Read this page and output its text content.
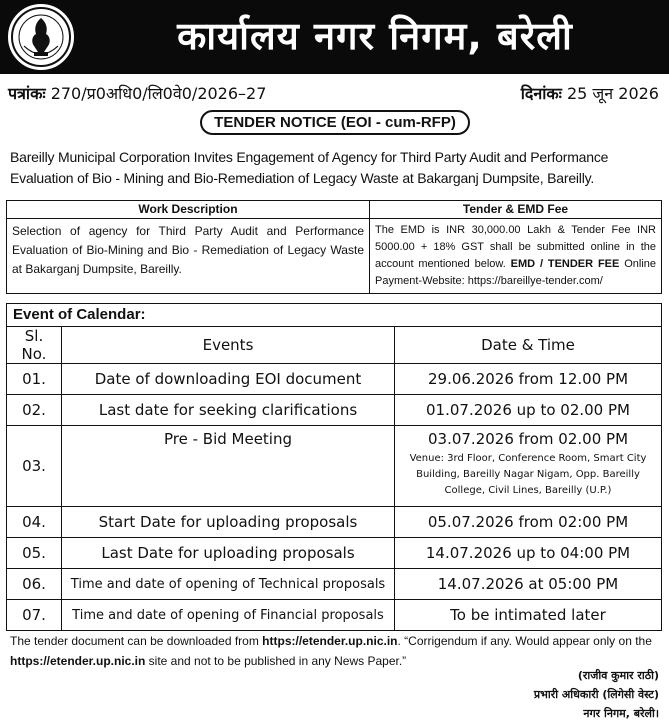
कार्यालय नगर निगम, बरेली
पत्रांकः 270/प्र0अधि0/लि0वे0/2026–27	दिनांकः 25 जून 2026
TENDER NOTICE (EOI - cum-RFP)
Bareilly Municipal Corporation Invites Engagement of Agency for Third Party Audit and Performance Evaluation of Bio - Mining and Bio-Remediation of Legacy Waste at Bakarganj Dumpsite, Bareilly.
Work Description	Tender & EMD Fee
Selection of agency for Third Party Audit and Performance Evaluation of Bio-Mining and Bio - Remediation of Legacy Waste at Bakarganj Dumpsite, Bareilly.	The EMD is INR 30,000.00 Lakh & Tender Fee INR 5000.00 + 18% GST shall be submitted online in the account mentioned below. EMD / TENDER FEE Online Payment-Website: https://bareillye-tender.com/
Event of Calendar:		
Sl. No.	Events	Date & Time
01.	Date of downloading EOI document	29.06.2026 from 12.00 PM
02.	Last date for seeking clarifications	01.07.2026 up to 02.00 PM
03.	Pre - Bid Meeting	03.07.2026 from 02.00 PM
Venue: 3rd Floor, Conference Room, Smart City Building, Bareilly Nagar Nigam, Opp. Bareilly College, Civil Lines, Bareilly (U.P.)

04.	Start Date for uploading proposals	05.07.2026 from 02:00 PM
05.	Last Date for uploading proposals	14.07.2026 up to 04:00 PM
06.	Time and date of opening of Technical proposals	14.07.2026 at 05:00 PM
07.	Time and date of opening of Financial proposals	To be intimated later
The tender document can be downloaded from https://etender.up.nic.in. “Corrigendum if any. Would appear only on the https://etender.up.nic.in site and not to be published in any News Paper.”
(राजीव कुमार राठी)
प्रभारी अधिकारी (लिगेसी वेस्ट)
नगर निगम, बरेली।
